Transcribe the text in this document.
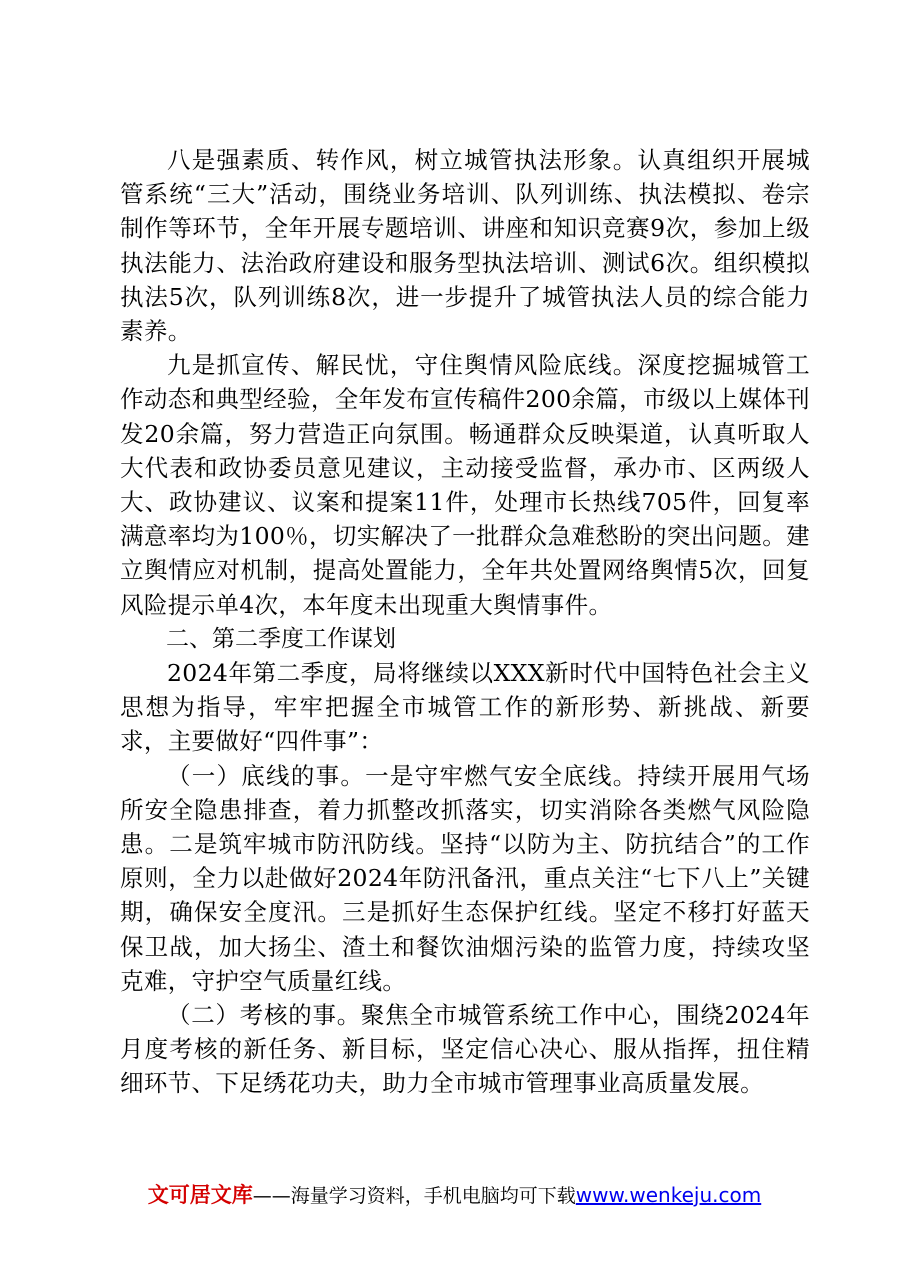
八是强素质、转作风，树立城管执法形象。认真组织开展城管系统“三大”活动，围绕业务培训、队列训练、执法模拟、卷宗制作等环节，全年开展专题培训、讲座和知识竞赛9次，参加上级执法能力、法治政府建设和服务型执法培训、测试6次。组织模拟执法5次，队列训练8次，进一步提升了城管执法人员的综合能力素养。

九是抓宣传、解民忧，守住舆情风险底线。深度挖掘城管工作动态和典型经验，全年发布宣传稿件200余篇，市级以上媒体刊发20余篇，努力营造正向氛围。畅通群众反映渠道，认真听取人大代表和政协委员意见建议，主动接受监督，承办市、区两级人大、政协建议、议案和提案11件，处理市长热线705件，回复率满意率均为100％，切实解决了一批群众急难愁盼的突出问题。建立舆情应对机制，提高处置能力，全年共处置网络舆情5次，回复风险提示单4次，本年度未出现重大舆情事件。

二、第二季度工作谋划

2024年第二季度，局将继续以XXX新时代中国特色社会主义思想为指导，牢牢把握全市城管工作的新形势、新挑战、新要求，主要做好“四件事”：

（一）底线的事。一是守牢燃气安全底线。持续开展用气场所安全隐患排查，着力抓整改抓落实，切实消除各类燃气风险隐患。二是筑牢城市防汛防线。坚持“以防为主、防抗结合”的工作原则，全力以赴做好2024年防汛备汛，重点关注“七下八上”关键期，确保安全度汛。三是抓好生态保护红线。坚定不移打好蓝天保卫战，加大扬尘、渣土和餐饮油烟污染的监管力度，持续攻坚克难，守护空气质量红线。

（二）考核的事。聚焦全市城管系统工作中心，围绕2024年月度考核的新任务、新目标，坚定信心决心、服从指挥，扭住精细环节、下足绣花功夫，助力全市城市管理事业高质量发展。

文可居文库——海量学习资料，手机电脑均可下载www.wenkeju.com
